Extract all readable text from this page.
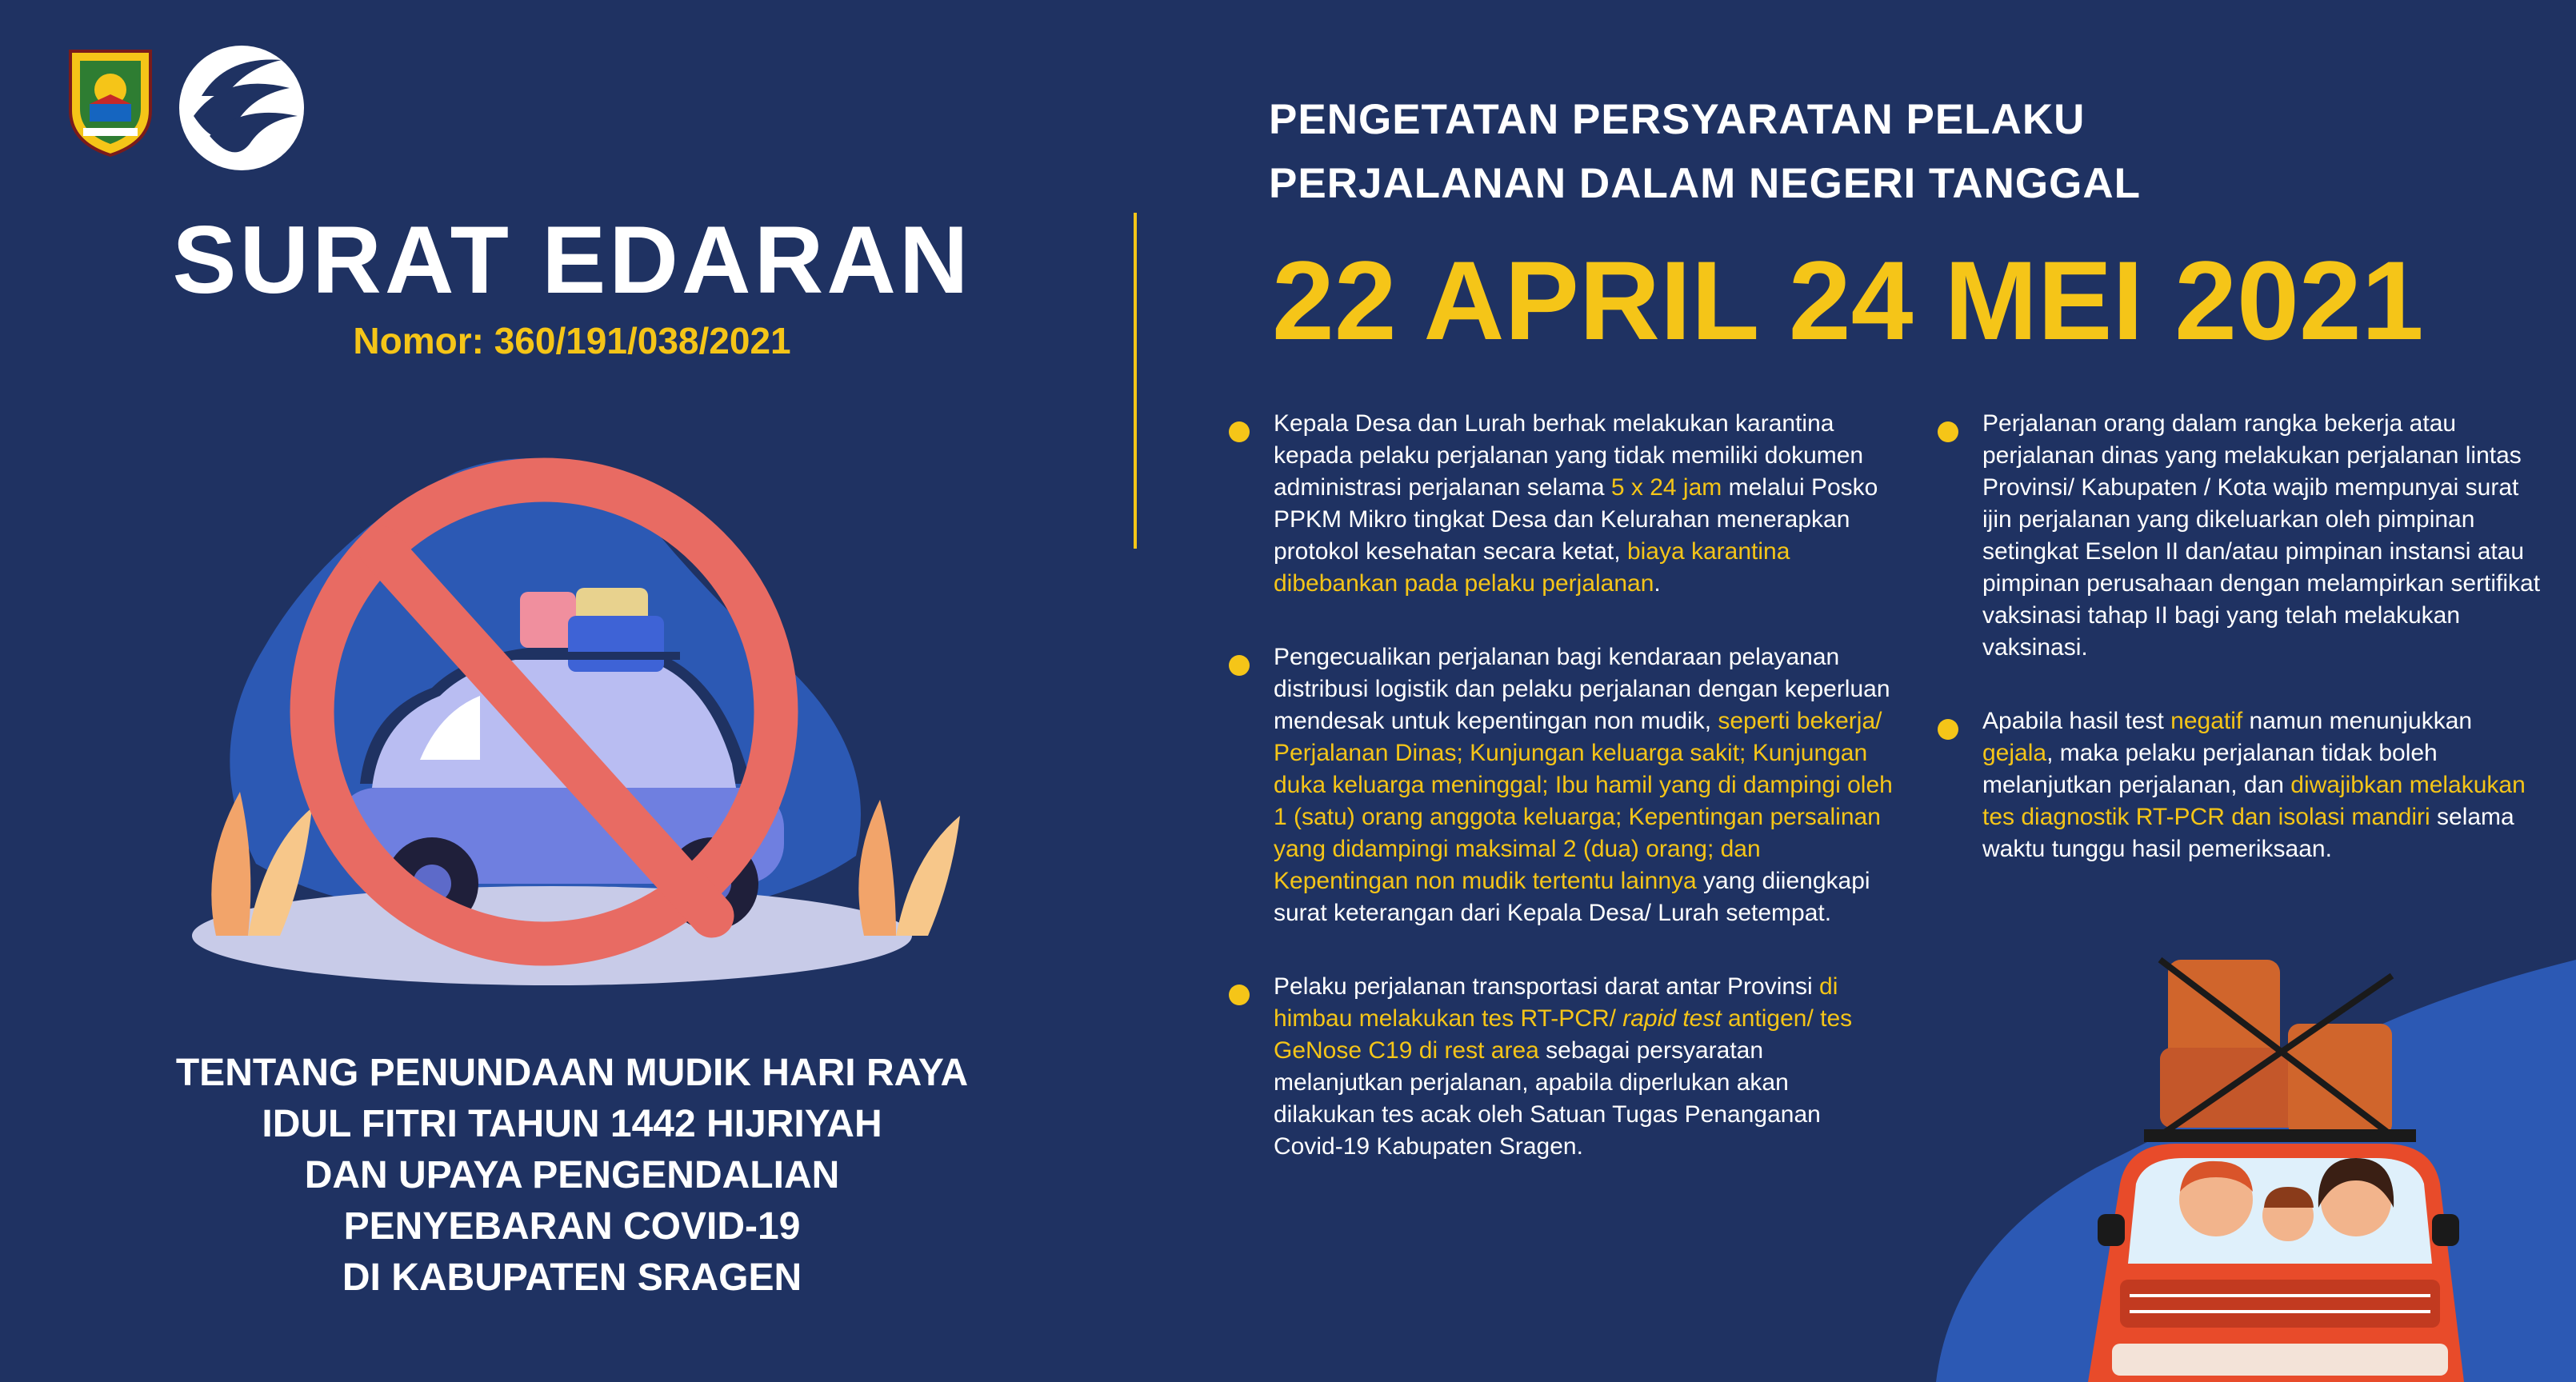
SURAT EDARAN
Nomor: 360/191/038/2021
TENTANG PENUNDAAN MUDIK HARI RAYA
IDUL FITRI TAHUN 1442 HIJRIYAH
DAN UPAYA PENGENDALIAN
PENYEBARAN COVID-19
DI KABUPATEN SRAGEN
PENGETATAN PERSYARATAN PELAKU
PERJALANAN DALAM NEGERI TANGGAL
22 APRIL 24 MEI 2021
Kepala Desa dan Lurah berhak melakukan karantina kepada pelaku perjalanan yang tidak memiliki dokumen administrasi perjalanan selama 5 x 24 jam melalui Posko PPKM Mikro tingkat Desa dan Kelurahan menerapkan protokol kesehatan secara ketat, biaya karantina dibebankan pada pelaku perjalanan.
Pengecualikan perjalanan bagi kendaraan pelayanan distribusi logistik dan pelaku perjalanan dengan keperluan mendesak untuk kepentingan non mudik, seperti bekerja/ Perjalanan Dinas; Kunjungan keluarga sakit; Kunjungan duka keluarga meninggal; Ibu hamil yang di dampingi oleh 1 (satu) orang anggota keluarga; Kepentingan persalinan yang didampingi maksimal 2 (dua) orang; dan Kepentingan non mudik tertentu lainnya yang diiengkapi surat keterangan dari Kepala Desa/ Lurah setempat.
Pelaku perjalanan transportasi darat antar Provinsi di himbau melakukan tes RT-PCR/ rapid test antigen/ tes GeNose C19 di rest area sebagai persyaratan melanjutkan perjalanan, apabila diperlukan akan dilakukan tes acak oleh Satuan Tugas Penanganan Covid-19 Kabupaten Sragen.
Perjalanan orang dalam rangka bekerja atau perjalanan dinas yang melakukan perjalanan lintas Provinsi/ Kabupaten / Kota wajib mempunyai surat ijin perjalanan yang dikeluarkan oleh pimpinan setingkat Eselon II dan/atau pimpinan instansi atau pimpinan perusahaan dengan melampirkan sertifikat vaksinasi tahap II bagi yang telah melakukan vaksinasi.
Apabila hasil test negatif namun menunjukkan gejala, maka pelaku perjalanan tidak boleh melanjutkan perjalanan, dan diwajibkan melakukan tes diagnostik RT-PCR dan isolasi mandiri selama waktu tunggu hasil pemeriksaan.
